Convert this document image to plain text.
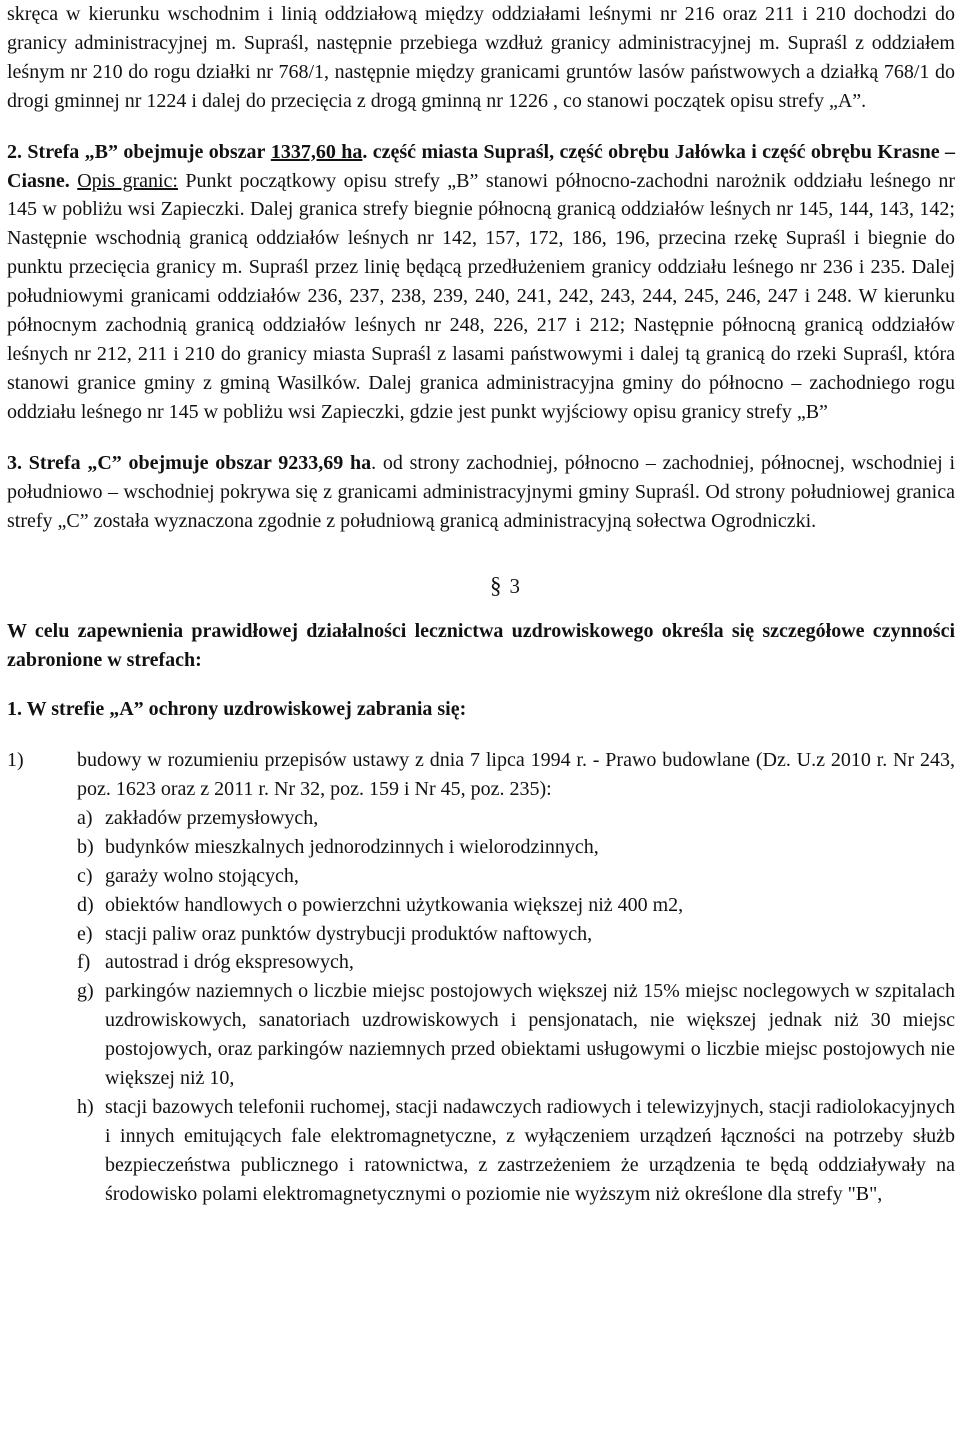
skręca w kierunku wschodnim i linią oddziałową między oddziałami leśnymi nr 216 oraz 211 i 210 dochodzi do granicy administracyjnej m. Supraśl, następnie przebiega wzdłuż granicy administracyjnej m. Supraśl z oddziałem leśnym nr 210 do rogu działki nr 768/1, następnie między granicami gruntów lasów państwowych a działką 768/1 do drogi gminnej nr 1224 i dalej do przecięcia z drogą gminną nr 1226 , co stanowi początek opisu strefy „A”.

2. Strefa „B” obejmuje obszar 1337,60 ha. część miasta Supraśl, część obrębu Jałówka i część obrębu Krasne – Ciasne. Opis granic: Punkt początkowy opisu strefy „B” stanowi północno-zachodni narożnik oddziału leśnego nr 145 w pobliżu wsi Zapieczki. Dalej granica strefy biegnie północną granicą oddziałów leśnych nr 145, 144, 143, 142; Następnie wschodnią granicą oddziałów leśnych nr 142, 157, 172, 186, 196, przecina rzekę Supraśl i biegnie do punktu przecięcia granicy m. Supraśl przez linię będącą przedłużeniem granicy oddziału leśnego nr 236 i 235. Dalej południowymi granicami oddziałów 236, 237, 238, 239, 240, 241, 242, 243, 244, 245, 246, 247 i 248. W kierunku północnym zachodnią granicą oddziałów leśnych nr 248, 226, 217 i 212; Następnie północną granicą oddziałów leśnych nr 212, 211 i 210 do granicy miasta Supraśl z lasami państwowymi i dalej tą granicą do rzeki Supraśl, która stanowi granice gminy z gminą Wasilków. Dalej granica administracyjna gminy do północno – zachodniego rogu oddziału leśnego nr 145 w pobliżu wsi Zapieczki, gdzie jest punkt wyjściowy opisu granicy strefy „B”

3. Strefa „C” obejmuje obszar 9233,69 ha. od strony zachodniej, północno – zachodniej, północnej, wschodniej i południowo – wschodniej pokrywa się z granicami administracyjnymi gminy Supraśl. Od strony południowej granica strefy „C” została wyznaczona zgodnie z południową granicą administracyjną sołectwa Ogrodniczki.

§ 3

W celu zapewnienia prawidłowej działalności lecznictwa uzdrowiskowego określa się szczegółowe czynności zabronione w strefach:

1. W strefie „A” ochrony uzdrowiskowej zabrania się:

1)	budowy w rozumieniu przepisów ustawy z dnia 7 lipca 1994 r. - Prawo budowlane (Dz. U.z 2010 r. Nr 243, poz. 1623 oraz z 2011 r. Nr 32, poz. 159 i Nr 45, poz. 235):
a) zakładów przemysłowych,
b) budynków mieszkalnych jednorodzinnych i wielorodzinnych,
c) garaży wolno stojących,
d) obiektów handlowych o powierzchni użytkowania większej niż 400 m2,
e) stacji paliw oraz punktów dystrybucji produktów naftowych,
f) autostrad i dróg ekspresowych,
g) parkingów naziemnych o liczbie miejsc postojowych większej niż 15% miejsc noclegowych w szpitalach uzdrowiskowych, sanatoriach uzdrowiskowych i pensjonatach, nie większej jednak niż 30 miejsc postojowych, oraz parkingów naziemnych przed obiektami usługowymi o liczbie miejsc postojowych nie większej niż 10,
h) stacji bazowych telefonii ruchomej, stacji nadawczych radiowych i telewizyjnych, stacji radiolokacyjnych i innych emitujących fale elektromagnetyczne, z wyłączeniem urządzeń łączności na potrzeby służb bezpieczeństwa publicznego i ratownictwa, z zastrzeżeniem że urządzenia te będą oddziaływały na środowisko polami elektromagnetycznymi o poziomie nie wyższym niż określone dla strefy "B",
